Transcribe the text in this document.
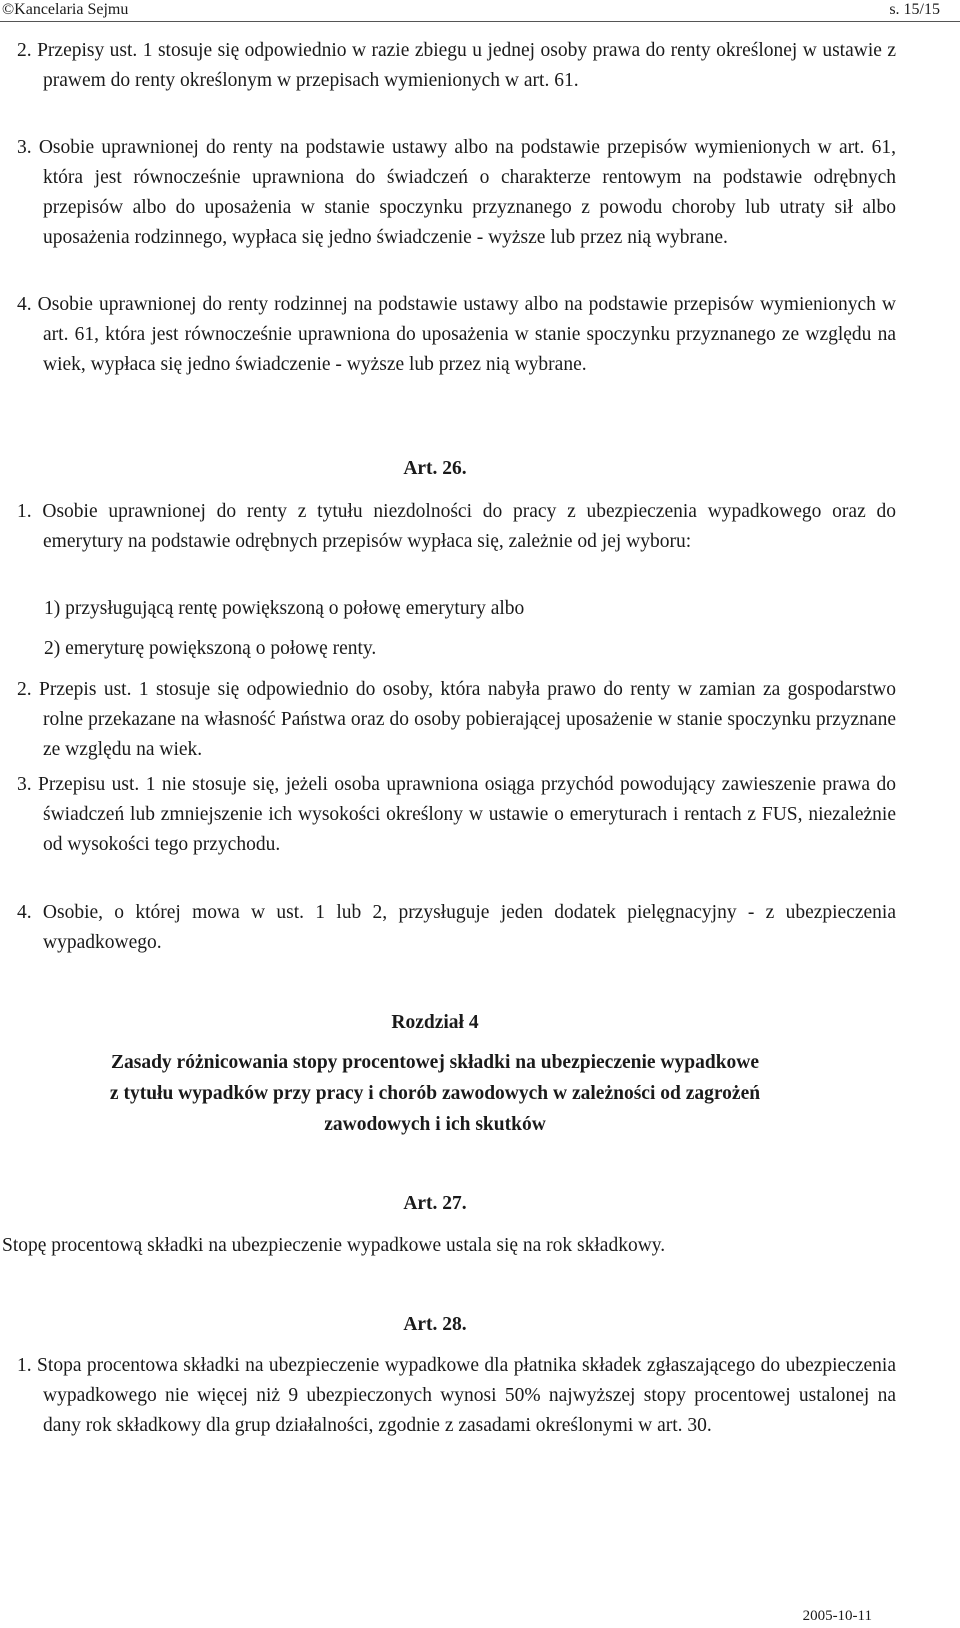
©Kancelaria Sejmu	s. 15/15

2. Przepisy ust. 1 stosuje się odpowiednio w razie zbiegu u jednej osoby prawa do renty określonej w ustawie z prawem do renty określonym w przepisach wymienionych w art. 61.

3. Osobie uprawnionej do renty na podstawie ustawy albo na podstawie przepisów wymienionych w art. 61, która jest równocześnie uprawniona do świadczeń o charakterze rentowym na podstawie odrębnych przepisów albo do uposażenia w stanie spoczynku przyznanego z powodu choroby lub utraty sił albo uposażenia rodzinnego, wypłaca się jedno świadczenie - wyższe lub przez nią wybrane.

4. Osobie uprawnionej do renty rodzinnej na podstawie ustawy albo na podstawie przepisów wymienionych w art. 61, która jest równocześnie uprawniona do uposażenia w stanie spoczynku przyznanego ze względu na wiek, wypłaca się jedno świadczenie - wyższe lub przez nią wybrane.

Art. 26.

1. Osobie uprawnionej do renty z tytułu niezdolności do pracy z ubezpieczenia wypadkowego oraz do emerytury na podstawie odrębnych przepisów wypłaca się, zależnie od jej wyboru:

1) przysługującą rentę powiększoną o połowę emerytury albo

2) emeryturę powiększoną o połowę renty.

2. Przepis ust. 1 stosuje się odpowiednio do osoby, która nabyła prawo do renty w zamian za gospodarstwo rolne przekazane na własność Państwa oraz do osoby pobierającej uposażenie w stanie spoczynku przyznane ze względu na wiek.

3. Przepisu ust. 1 nie stosuje się, jeżeli osoba uprawniona osiąga przychód powodujący zawieszenie prawa do świadczeń lub zmniejszenie ich wysokości określony w ustawie o emeryturach i rentach z FUS, niezależnie od wysokości tego przychodu.

4. Osobie, o której mowa w ust. 1 lub 2, przysługuje jeden dodatek pielęgnacyjny - z ubezpieczenia wypadkowego.

Rozdział 4

Zasady różnicowania stopy procentowej składki na ubezpieczenie wypadkowe

z tytułu wypadków przy pracy i chorób zawodowych w zależności od zagrożeń

zawodowych i ich skutków

Art. 27.

Stopę procentową składki na ubezpieczenie wypadkowe ustala się na rok składkowy.

Art. 28.

1. Stopa procentowa składki na ubezpieczenie wypadkowe dla płatnika składek zgłaszającego do ubezpieczenia wypadkowego nie więcej niż 9 ubezpieczonych wynosi 50% najwyższej stopy procentowej ustalonej na dany rok składkowy dla grup działalności, zgodnie z zasadami określonymi w art. 30.

2005-10-11
